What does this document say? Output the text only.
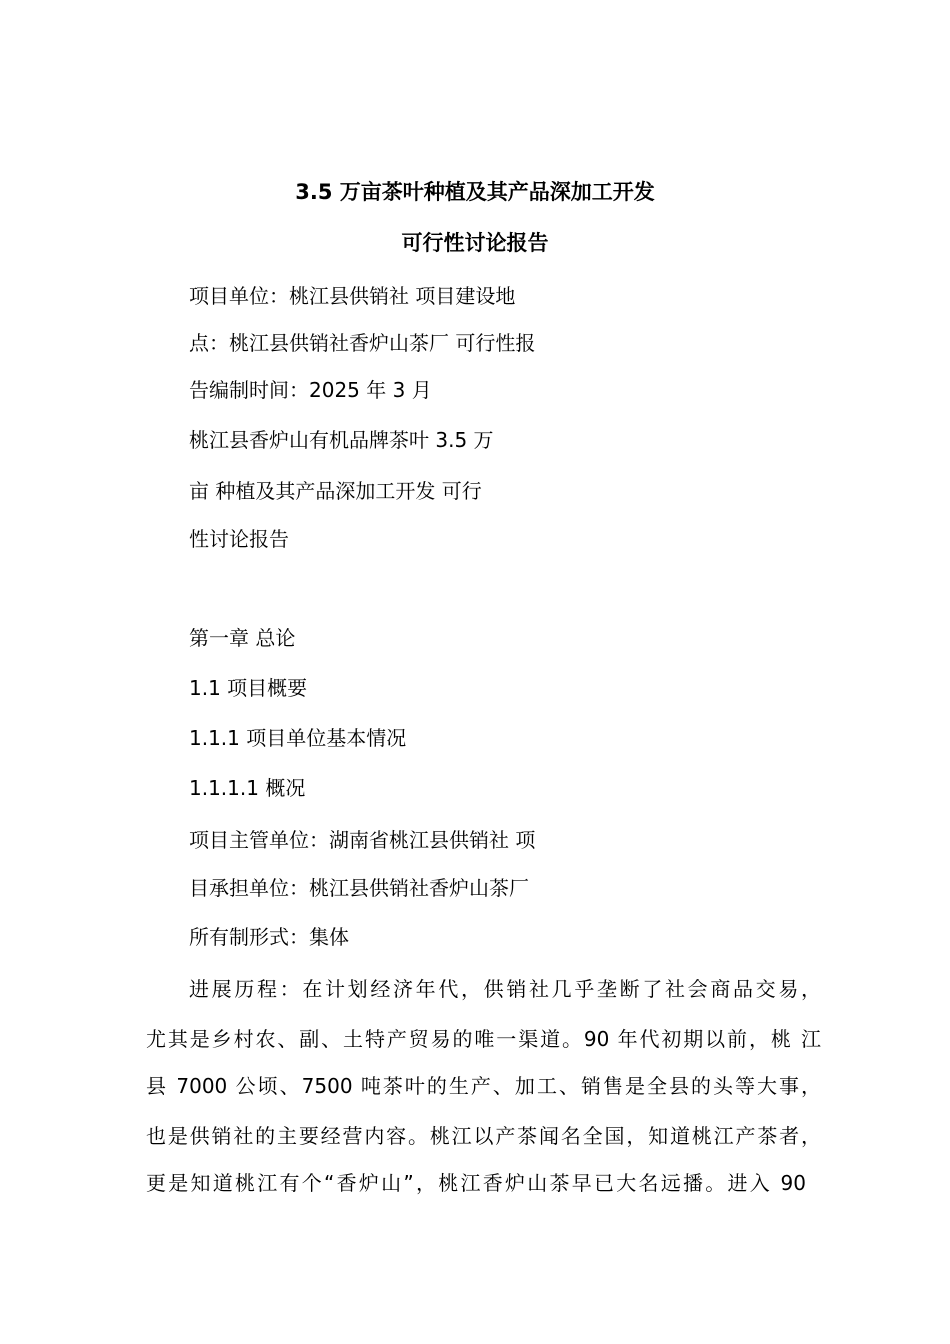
3.5 万亩茶叶种植及其产品深加工开发
可行性讨论报告
项目单位：桃江县供销社 项目建设地
点：桃江县供销社香炉山茶厂 可行性报
告编制时间：2025 年 3 月
桃江县香炉山有机品牌茶叶 3.5 万
亩 种植及其产品深加工开发 可行
性讨论报告
第一章 总论
1.1 项目概要
1.1.1 项目单位基本情况
1.1.1.1 概况
项目主管单位：湖南省桃江县供销社 项
目承担单位：桃江县供销社香炉山茶厂
所有制形式：集体
进展历程：在计划经济年代，供销社几乎垄断了社会商品交易，
尤其是乡村农、副、土特产贸易的唯一渠道。90 年代初期以前，桃 江
县 7000 公顷、7500 吨茶叶的生产、加工、销售是全县的头等大事，
也是供销社的主要经营内容。桃江以产茶闻名全国，知道桃江产茶者，
更是知道桃江有个“香炉山”，桃江香炉山茶早已大名远播。进入 90
